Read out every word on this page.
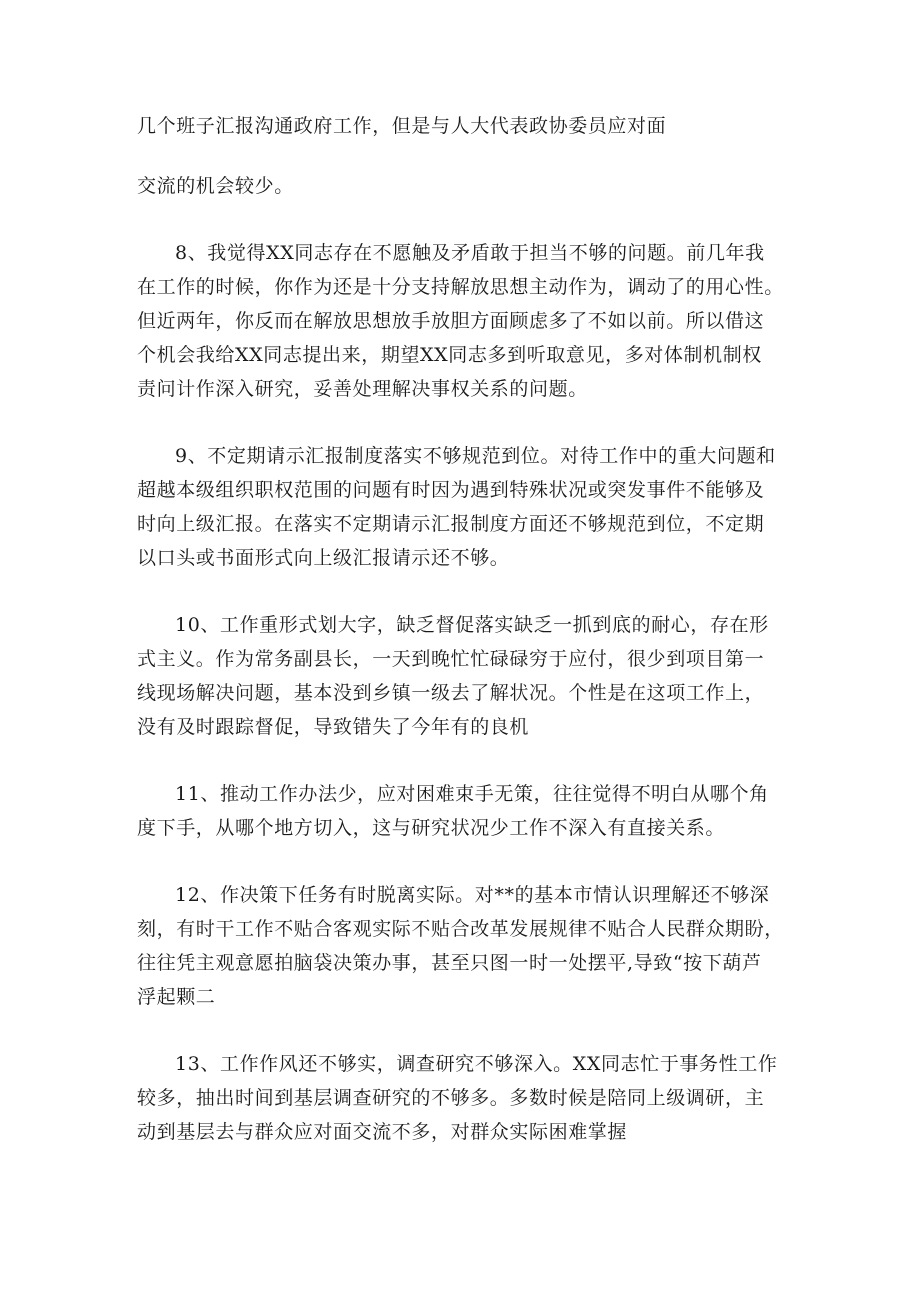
几个班子汇报沟通政府工作，但是与人大代表政协委员应对面
交流的机会较少。
8、我觉得XX同志存在不愿触及矛盾敢于担当不够的问题。前几年我
在工作的时候，你作为还是十分支持解放思想主动作为，调动了的用心性。
但近两年，你反而在解放思想放手放胆方面顾虑多了不如以前。所以借这
个机会我给XX同志提出来，期望XX同志多到听取意见，多对体制机制权
责问计作深入研究，妥善处理解决事权关系的问题。
9、不定期请示汇报制度落实不够规范到位。对待工作中的重大问题和
超越本级组织职权范围的问题有时因为遇到特殊状况或突发事件不能够及
时向上级汇报。在落实不定期请示汇报制度方面还不够规范到位，不定期
以口头或书面形式向上级汇报请示还不够。
10、工作重形式划大字，缺乏督促落实缺乏一抓到底的耐心，存在形
式主义。作为常务副县长，一天到晚忙忙碌碌穷于应付，很少到项目第一
线现场解决问题，基本没到乡镇一级去了解状况。个性是在这项工作上，
没有及时跟踪督促，导致错失了今年有的良机
11、推动工作办法少，应对困难束手无策，往往觉得不明白从哪个角
度下手，从哪个地方切入，这与研究状况少工作不深入有直接关系。
12、作决策下任务有时脱离实际。对**的基本市情认识理解还不够深
刻，有时干工作不贴合客观实际不贴合改革发展规律不贴合人民群众期盼，
往往凭主观意愿拍脑袋决策办事，甚至只图一时一处摆平,导致“按下葫芦
浮起颗二
13、工作作风还不够实，调查研究不够深入。XX同志忙于事务性工作
较多，抽出时间到基层调查研究的不够多。多数时候是陪同上级调研，主
动到基层去与群众应对面交流不多，对群众实际困难掌握
